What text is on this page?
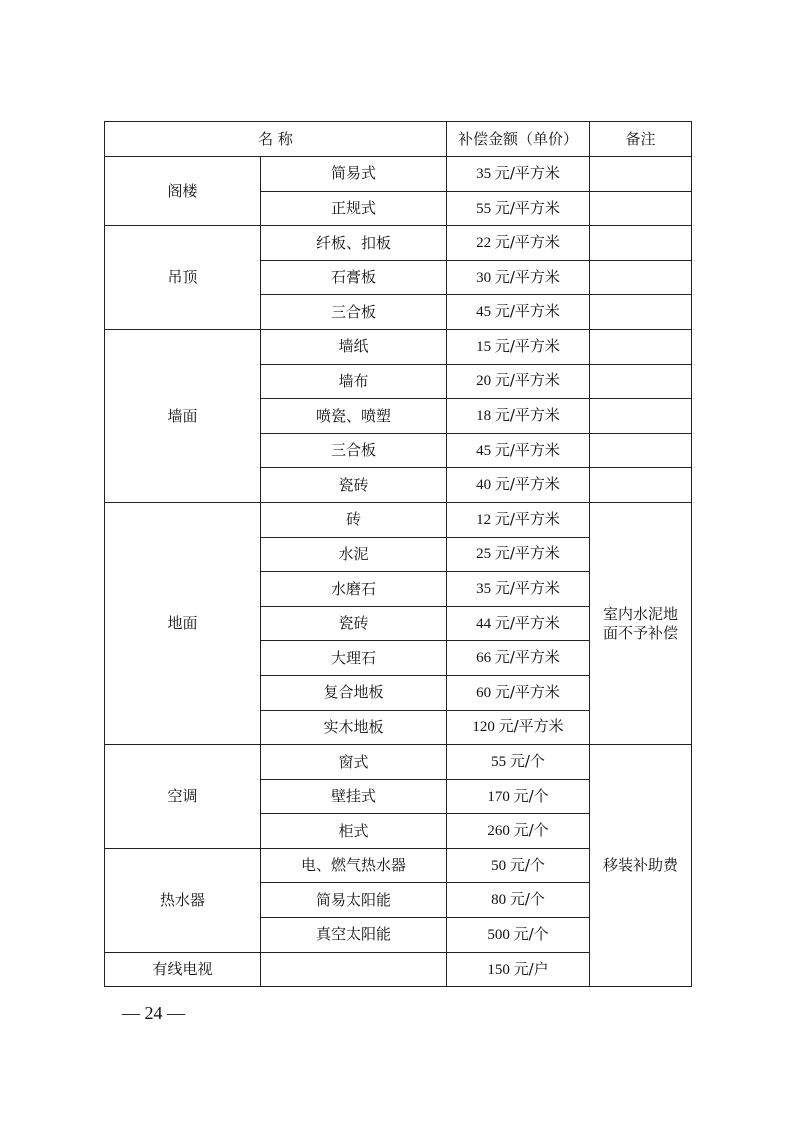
名 称		补偿金额（单价）	备注
阁楼	简易式	35 元/平方米	
	正规式	55 元/平方米	
吊顶	纤板、扣板	22 元/平方米	
	石膏板	30 元/平方米	
	三合板	45 元/平方米	
墙面	墙纸	15 元/平方米	
	墙布	20 元/平方米	
	喷瓷、喷塑	18 元/平方米	
	三合板	45 元/平方米	
	瓷砖	40 元/平方米	
地面	砖	12 元/平方米	室内水泥地
面不予补偿
	水泥	25 元/平方米	
	水磨石	35 元/平方米	
	瓷砖	44 元/平方米	
	大理石	66 元/平方米	
	复合地板	60 元/平方米	
	实木地板	120 元/平方米	
空调	窗式	55 元/个	移装补助费
	壁挂式	170 元/个	
	柜式	260 元/个	
热水器	电、燃气热水器	50 元/个	
	简易太阳能	80 元/个	
	真空太阳能	500 元/个	
有线电视		150 元/户	
— 24 —
